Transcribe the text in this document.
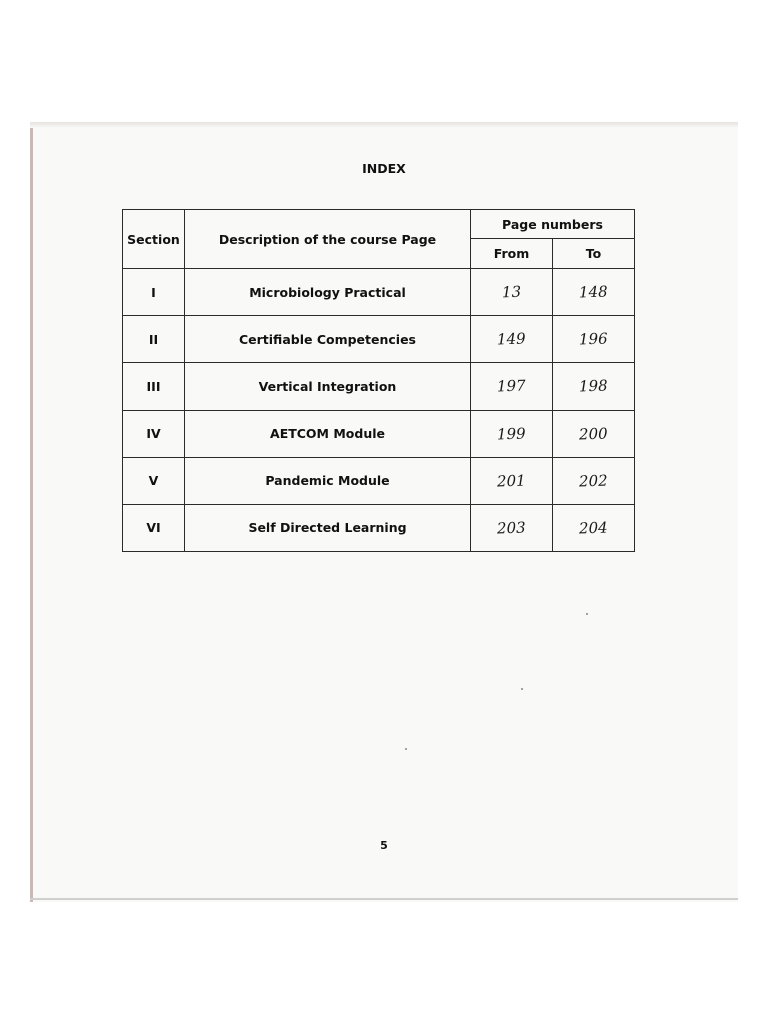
INDEX
Section	Description of the course Page	Page numbers	
		From	To
I	Microbiology Practical	13	148
II	Certifiable Competencies	149	196
III	Vertical Integration	197	198
IV	AETCOM Module	199	200
V	Pandemic Module	201	202
VI	Self Directed Learning	203	204
5
